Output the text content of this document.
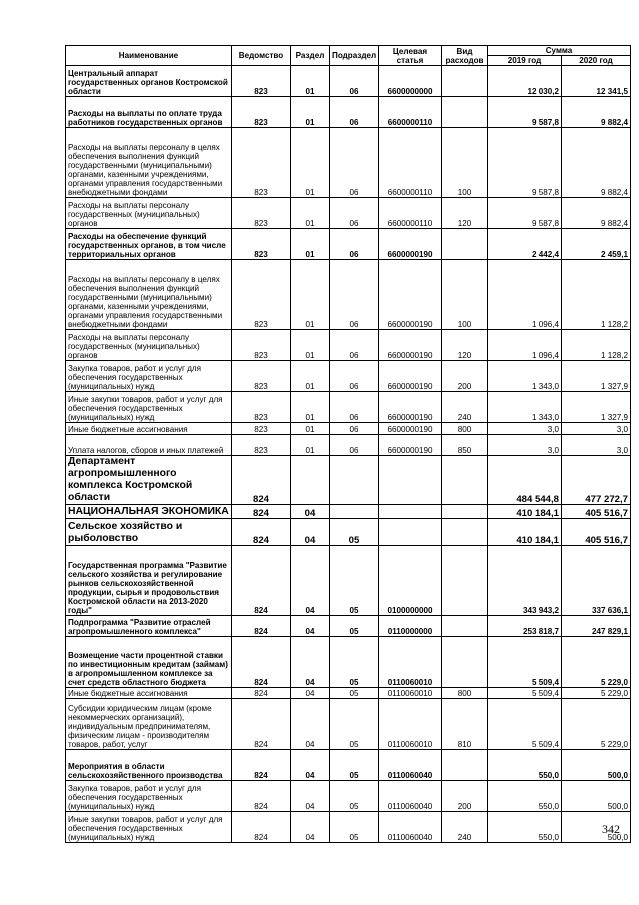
Наименование	Ведомство	Раздел	Подраздел	Целевая статья	Вид расходов	Сумма	
						2019 год	2020 год
Центральный аппарат государственных органов Костромской области	823	01	06	6600000000		12 030,2	12 341,5
Расходы на выплаты по оплате труда работников государственных органов	823	01	06	6600000110		9 587,8	9 882,4
Расходы на выплаты персоналу в целях обеспечения выполнения функций государственными (муниципальными) органами, казенными учреждениями, органами управления государственными внебюджетными фондами	823	01	06	6600000110	100	9 587,8	9 882,4
Расходы на выплаты персоналу государственных (муниципальных) органов	823	01	06	6600000110	120	9 587,8	9 882,4
Расходы на обеспечение функций государственных органов, в том числе территориальных органов	823	01	06	6600000190		2 442,4	2 459,1
Расходы на выплаты персоналу в целях обеспечения выполнения функций государственными (муниципальными) органами, казенными учреждениями, органами управления государственными внебюджетными фондами	823	01	06	6600000190	100	1 096,4	1 128,2
Расходы на выплаты персоналу государственных (муниципальных) органов	823	01	06	6600000190	120	1 096,4	1 128,2
Закупка товаров, работ и услуг для обеспечения государственных (муниципальных) нужд	823	01	06	6600000190	200	1 343,0	1 327,9
Иные закупки товаров, работ и услуг для обеспечения государственных (муниципальных) нужд	823	01	06	6600000190	240	1 343,0	1 327,9
Иные бюджетные ассигнования	823	01	06	6600000190	800	3,0	3,0
Уплата налогов, сборов и иных платежей	823	01	06	6600000190	850	3,0	3,0
Департамент агропромышленного комплекса Костромской области	824					484 544,8	477 272,7
НАЦИОНАЛЬНАЯ ЭКОНОМИКА	824	04				410 184,1	405 516,7
Сельское хозяйство и рыболовство	824	04	05			410 184,1	405 516,7
Государственная программа "Развитие сельского хозяйства и регулирование рынков сельскохозяйственной продукции, сырья и продовольствия Костромской области на 2013-2020 годы"	824	04	05	0100000000		343 943,2	337 636,1
Подпрограмма "Развитие отраслей агропромышленного комплекса"	824	04	05	0110000000		253 818,7	247 829,1
Возмещение части процентной ставки по инвестиционным кредитам (займам) в агропромышленном комплексе за счет средств областного бюджета	824	04	05	0110060010		5 509,4	5 229,0
Иные бюджетные ассигнования	824	04	05	0110060010	800	5 509,4	5 229,0
Субсидии юридическим лицам (кроме некоммерческих организаций), индивидуальным предпринимателям, физическим лицам - производителям товаров, работ, услуг	824	04	05	0110060010	810	5 509,4	5 229,0
Мероприятия в области сельскохозяйственного производства	824	04	05	0110060040		550,0	500,0
Закупка товаров, работ и услуг для обеспечения государственных (муниципальных) нужд	824	04	05	0110060040	200	550,0	500,0
Иные закупки товаров, работ и услуг для обеспечения государственных (муниципальных) нужд	824	04	05	0110060040	240	550,0	500,0
342
